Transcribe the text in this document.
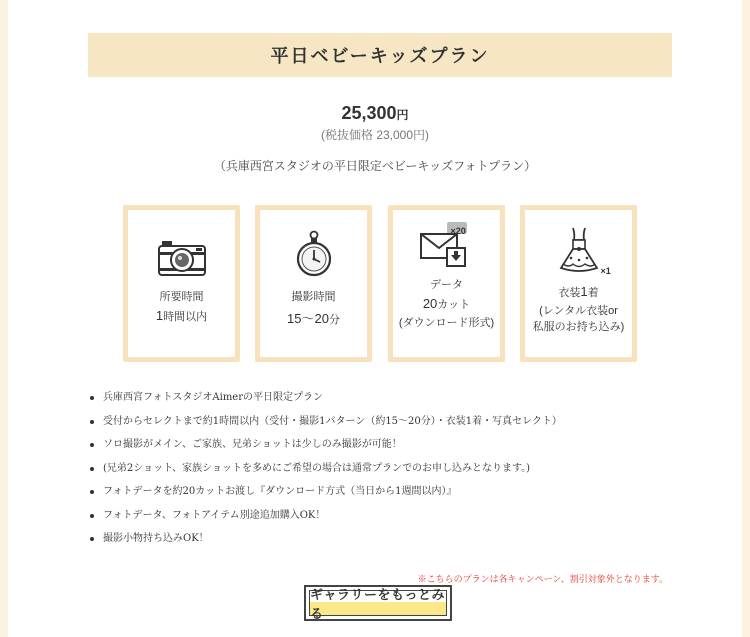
平日ベビーキッズプラン
25,300円
(税抜価格 23,000円)
（兵庫西宮スタジオの平日限定ベビーキッズフォトプラン）
所要時間
1時間以内
撮影時間
15〜20分
×20
データ
20カット
(ダウンロード形式)
×1
衣装1着
(レンタル衣装or
私服のお持ち込み)
兵庫西宮フォトスタジオAimerの平日限定プラン
受付からセレクトまで約1時間以内（受付・撮影1パターン（約15〜20分）・衣装1着・写真セレクト）
ソロ撮影がメイン、ご家族、兄弟ショットは少しのみ撮影が可能！
(兄弟2ショット、家族ショットを多めにご希望の場合は通常プランでのお申し込みとなります。)
フォトデータを約20カットお渡し『ダウンロード方式（当日から1週間以内）』
フォトデータ、フォトアイテム別途追加購入OK！
撮影小物持ち込みOK！
※こちらのプランは各キャンペーン、割引対象外となります。
ギャラリーをもっとみる
